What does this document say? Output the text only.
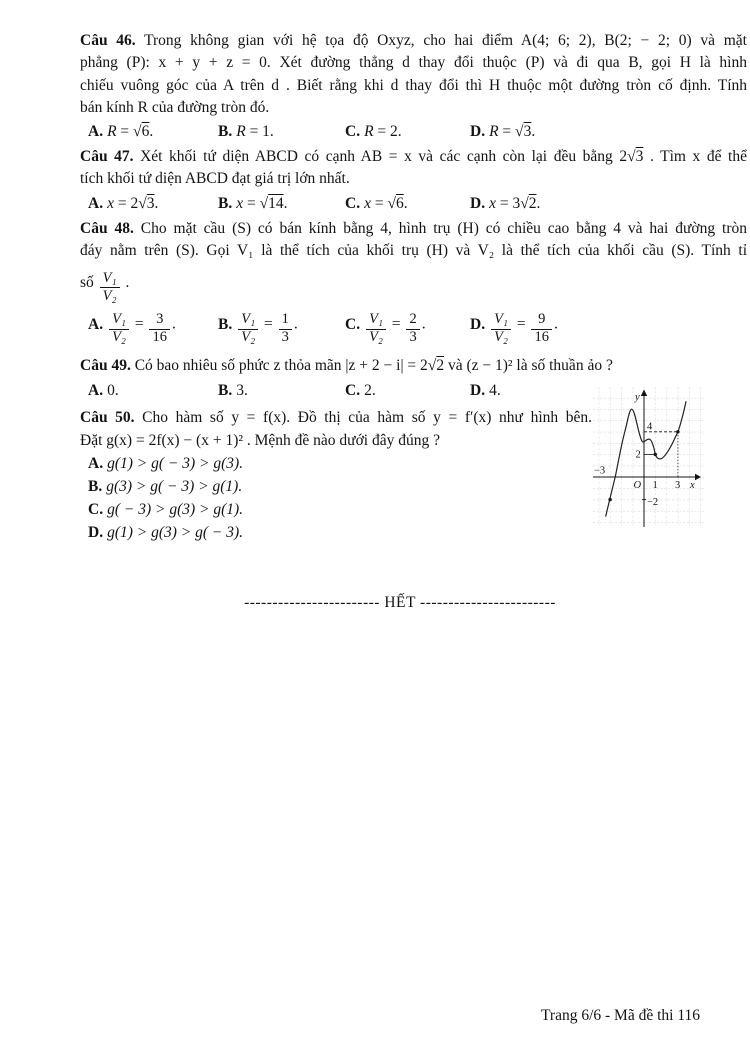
Câu 46. Trong không gian với hệ tọa độ Oxyz, cho hai điểm A(4; 6; 2), B(2; − 2; 0) và mặt
phẳng (P): x + y + z = 0. Xét đường thẳng d thay đổi thuộc (P) và đi qua B, gọi H là hình
chiếu vuông góc của A trên d . Biết rằng khi d thay đổi thì H thuộc một đường tròn cố định. Tính
bán kính R của đường tròn đó.
A. R = √6.	B. R = 1.	C. R = 2.	D. R = √3.
Câu 47. Xét khối tứ diện ABCD có cạnh AB = x và các cạnh còn lại đều bằng 2√3 . Tìm x để thể
tích khối tứ diện ABCD đạt giá trị lớn nhất.
A. x = 2√3.	B. x = √14.	C. x = √6.	D. x = 3√2.
Câu 48. Cho mặt cầu (S) có bán kính bằng 4, hình trụ (H) có chiều cao bằng 4 và hai đường tròn
đáy nằm trên (S). Gọi V₁ là thể tích của khối trụ (H) và V₂ là thể tích của khối cầu (S). Tính tỉ
số $\frac{\text{V₁}}{\text{V₂}}$ .
A. $\frac{\text{V₁}}{\text{V₂}} = \frac{3}{16}$ .	B. $\frac{\text{V₁}}{\text{V₂}} = \frac{1}{3}$ .	C. $\frac{\text{V₁}}{\text{V₂}} = \frac{2}{3}$ .	D. $\frac{\text{V₁}}{\text{V₂}} = \frac{9}{16}$ .
Câu 49. Có bao nhiêu số phức z thỏa mãn |z + 2 − i| = 2√2 và (z − 1)² là số thuần ảo ?
A. 0.	B. 3.	C. 2.	D. 4.
Câu 50. Cho hàm số y = f(x). Đồ thị của hàm số y = f′(x) như hình bên.
Đặt g(x) = 2f(x) − (x + 1)² . Mệnh đề nào dưới đây đúng ?
A. g(1) > g( − 3) > g(3).
B. g(3) > g( − 3) > g(1).
C. g( − 3) > g(3) > g(1).
D. g(1) > g(3) > g( − 3).
------------------------ HẾT ------------------------
y
x
O
4
2
−2
−3
1 3
Trang 6/6 - Mã đề thi 116
